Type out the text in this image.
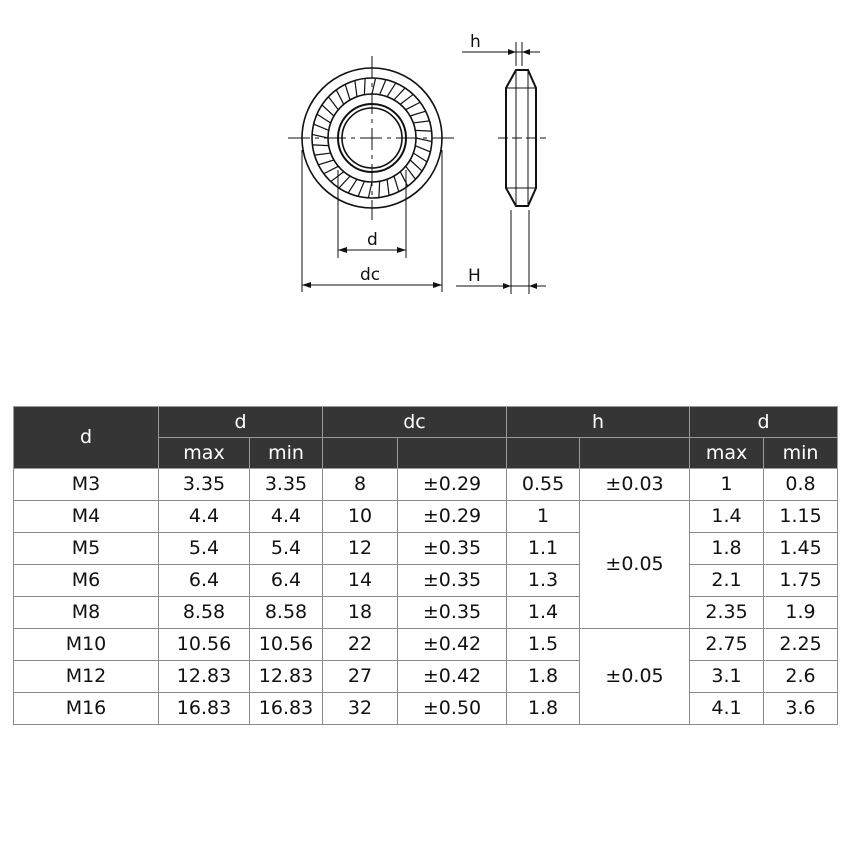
h
d
dc	H
d	d		dc		h		d	
	max	min					max	min
M3	3.35	3.35	8	±0.29	0.55	±0.03	1	0.8
M4	4.4	4.4	10	±0.29	1	±0.05	1.4	1.15
M5	5.4	5.4	12	±0.35	1.1		1.8	1.45
M6	6.4	6.4	14	±0.35	1.3		2.1	1.75
M8	8.58	8.58	18	±0.35	1.4		2.35	1.9
M10	10.56	10.56	22	±0.42	1.5	±0.05	2.75	2.25
M12	12.83	12.83	27	±0.42	1.8		3.1	2.6
M16	16.83	16.83	32	±0.50	1.8		4.1	3.6
